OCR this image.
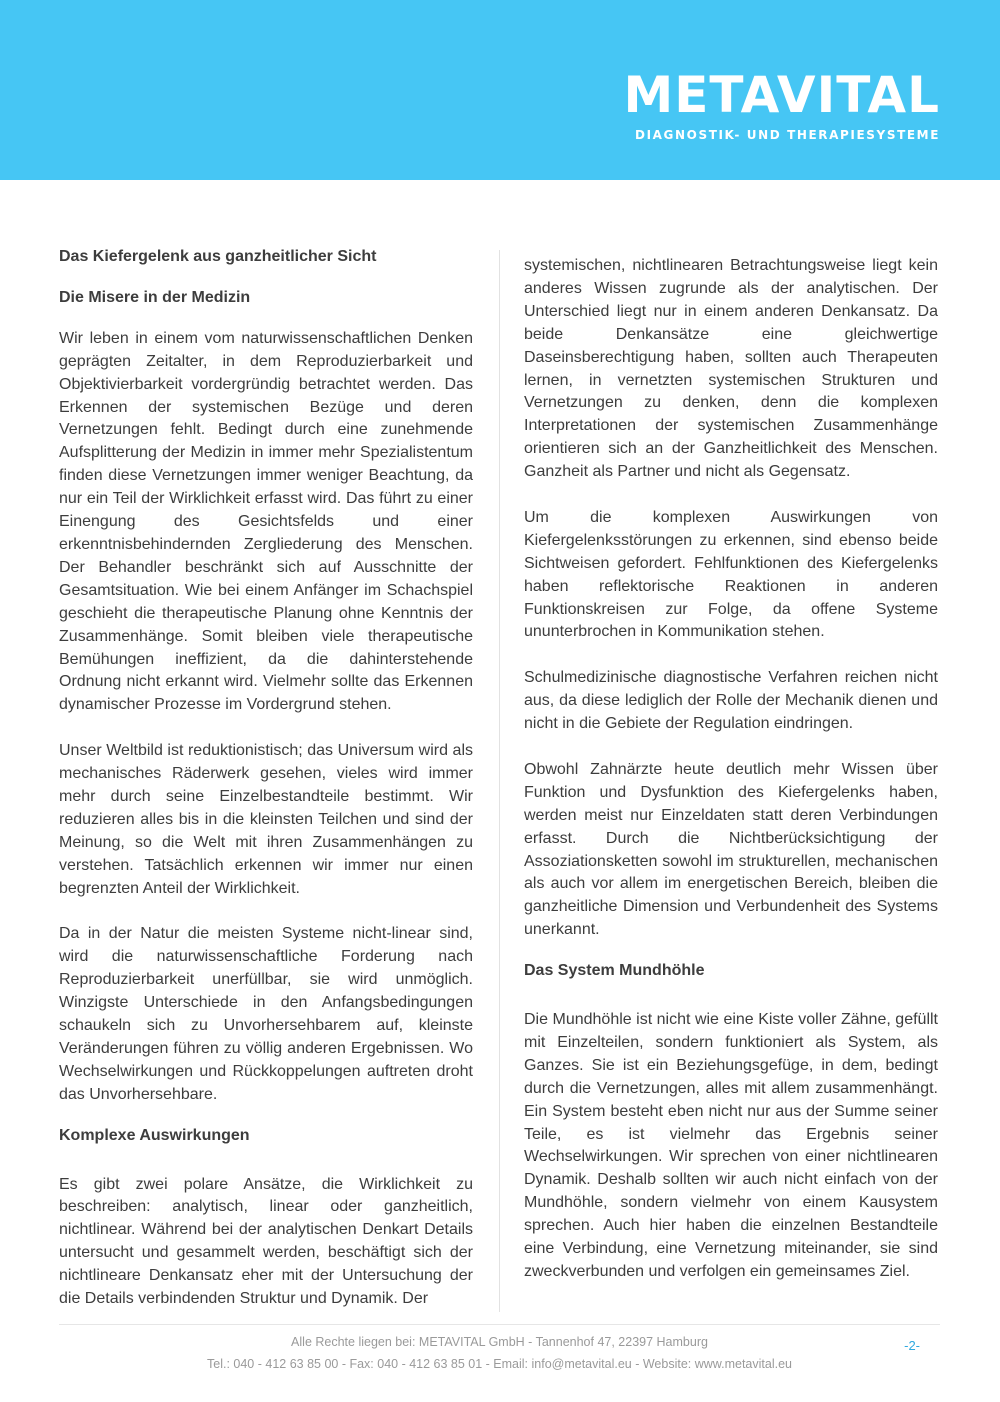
METAVITAL
DIAGNOSTIK- UND THERAPIESYSTEME
Das Kiefergelenk aus ganzheitlicher Sicht
Die Misere in der Medizin

Wir leben in einem vom naturwissenschaftlichen Denken geprägten Zeitalter, in dem Reproduzierbarkeit und Objektivierbarkeit vordergründig betrachtet werden. Das Erkennen der systemischen Bezüge und deren Vernetzungen fehlt. Bedingt durch eine zunehmende Aufsplitterung der Medizin in immer mehr Spezialistentum finden diese Vernetzungen immer weniger Beachtung, da nur ein Teil der Wirklichkeit erfasst wird. Das führt zu einer Einengung des Gesichtsfelds und einer erkenntnisbehindernden Zergliederung des Menschen. Der Behandler beschränkt sich auf Ausschnitte der Gesamtsituation. Wie bei einem Anfänger im Schachspiel geschieht die therapeutische Planung ohne Kenntnis der Zusammenhänge. Somit bleiben viele therapeutische Bemühungen ineffizient, da die dahinterstehende Ordnung nicht erkannt wird. Vielmehr sollte das Erkennen dynamischer Prozesse im Vordergrund stehen.

Unser Weltbild ist reduktionistisch; das Universum wird als mechanisches Räderwerk gesehen, vieles wird immer mehr durch seine Einzelbestandteile bestimmt. Wir reduzieren alles bis in die kleinsten Teilchen und sind der Meinung, so die Welt mit ihren Zusammenhängen zu verstehen. Tatsächlich erkennen wir immer nur einen begrenzten Anteil der Wirklichkeit.

Da in der Natur die meisten Systeme nicht-linear sind, wird die naturwissenschaftliche Forderung nach Reproduzierbarkeit unerfüllbar, sie wird unmöglich. Winzigste Unterschiede in den Anfangsbedingungen schaukeln sich zu Unvorhersehbarem auf, kleinste Veränderungen führen zu völlig anderen Ergebnissen. Wo Wechselwirkungen und Rückkoppelungen auftreten droht das Unvorhersehbare.

Komplexe Auswirkungen

Es gibt zwei polare Ansätze, die Wirklichkeit zu beschreiben: analytisch, linear oder ganzheitlich, nichtlinear. Während bei der analytischen Denkart Details untersucht und gesammelt werden, beschäftigt sich der nichtlineare Denkansatz eher mit der Untersuchung der die Details verbindenden Struktur und Dynamik. Der

systemischen, nichtlinearen Betrachtungsweise liegt kein anderes Wissen zugrunde als der analytischen. Der Unterschied liegt nur in einem anderen Denkansatz. Da beide Denkansätze eine gleichwertige Daseinsberechtigung haben, sollten auch Therapeuten lernen, in vernetzten systemischen Strukturen und Vernetzungen zu denken, denn die komplexen Interpretationen der systemischen Zusammenhänge orientieren sich an der Ganzheitlichkeit des Menschen. Ganzheit als Partner und nicht als Gegensatz.

Um die komplexen Auswirkungen von Kiefergelenksstörungen zu erkennen, sind ebenso beide Sichtweisen gefordert. Fehlfunktionen des Kiefergelenks haben reflektorische Reaktionen in anderen Funktionskreisen zur Folge, da offene Systeme ununterbrochen in Kommunikation stehen.

Schulmedizinische diagnostische Verfahren reichen nicht aus, da diese lediglich der Rolle der Mechanik dienen und nicht in die Gebiete der Regulation eindringen.

Obwohl Zahnärzte heute deutlich mehr Wissen über Funktion und Dysfunktion des Kiefergelenks haben, werden meist nur Einzeldaten statt deren Verbindungen erfasst. Durch die Nichtberücksichtigung der Assoziationsketten sowohl im strukturellen, mechanischen als auch vor allem im energetischen Bereich, bleiben die ganzheitliche Dimension und Verbundenheit des Systems unerkannt.

Das System Mundhöhle

Die Mundhöhle ist nicht wie eine Kiste voller Zähne, gefüllt mit Einzelteilen, sondern funktioniert als System, als Ganzes. Sie ist ein Beziehungsgefüge, in dem, bedingt durch die Vernetzungen, alles mit allem zusammenhängt. Ein System besteht eben nicht nur aus der Summe seiner Teile, es ist vielmehr das Ergebnis seiner Wechselwirkungen. Wir sprechen von einer nichtlinearen Dynamik. Deshalb sollten wir auch nicht einfach von der Mundhöhle, sondern vielmehr von einem Kausystem sprechen. Auch hier haben die einzelnen Bestandteile eine Verbindung, eine Vernetzung miteinander, sie sind zweckverbunden und verfolgen ein gemeinsames Ziel.

Alle Rechte liegen bei: METAVITAL GmbH - Tannenhof 47, 22397 Hamburg
Tel.: 040 - 412 63 85 00 - Fax: 040 - 412 63 85 01 - Email: info@metavital.eu - Website: www.metavital.eu
-2-
